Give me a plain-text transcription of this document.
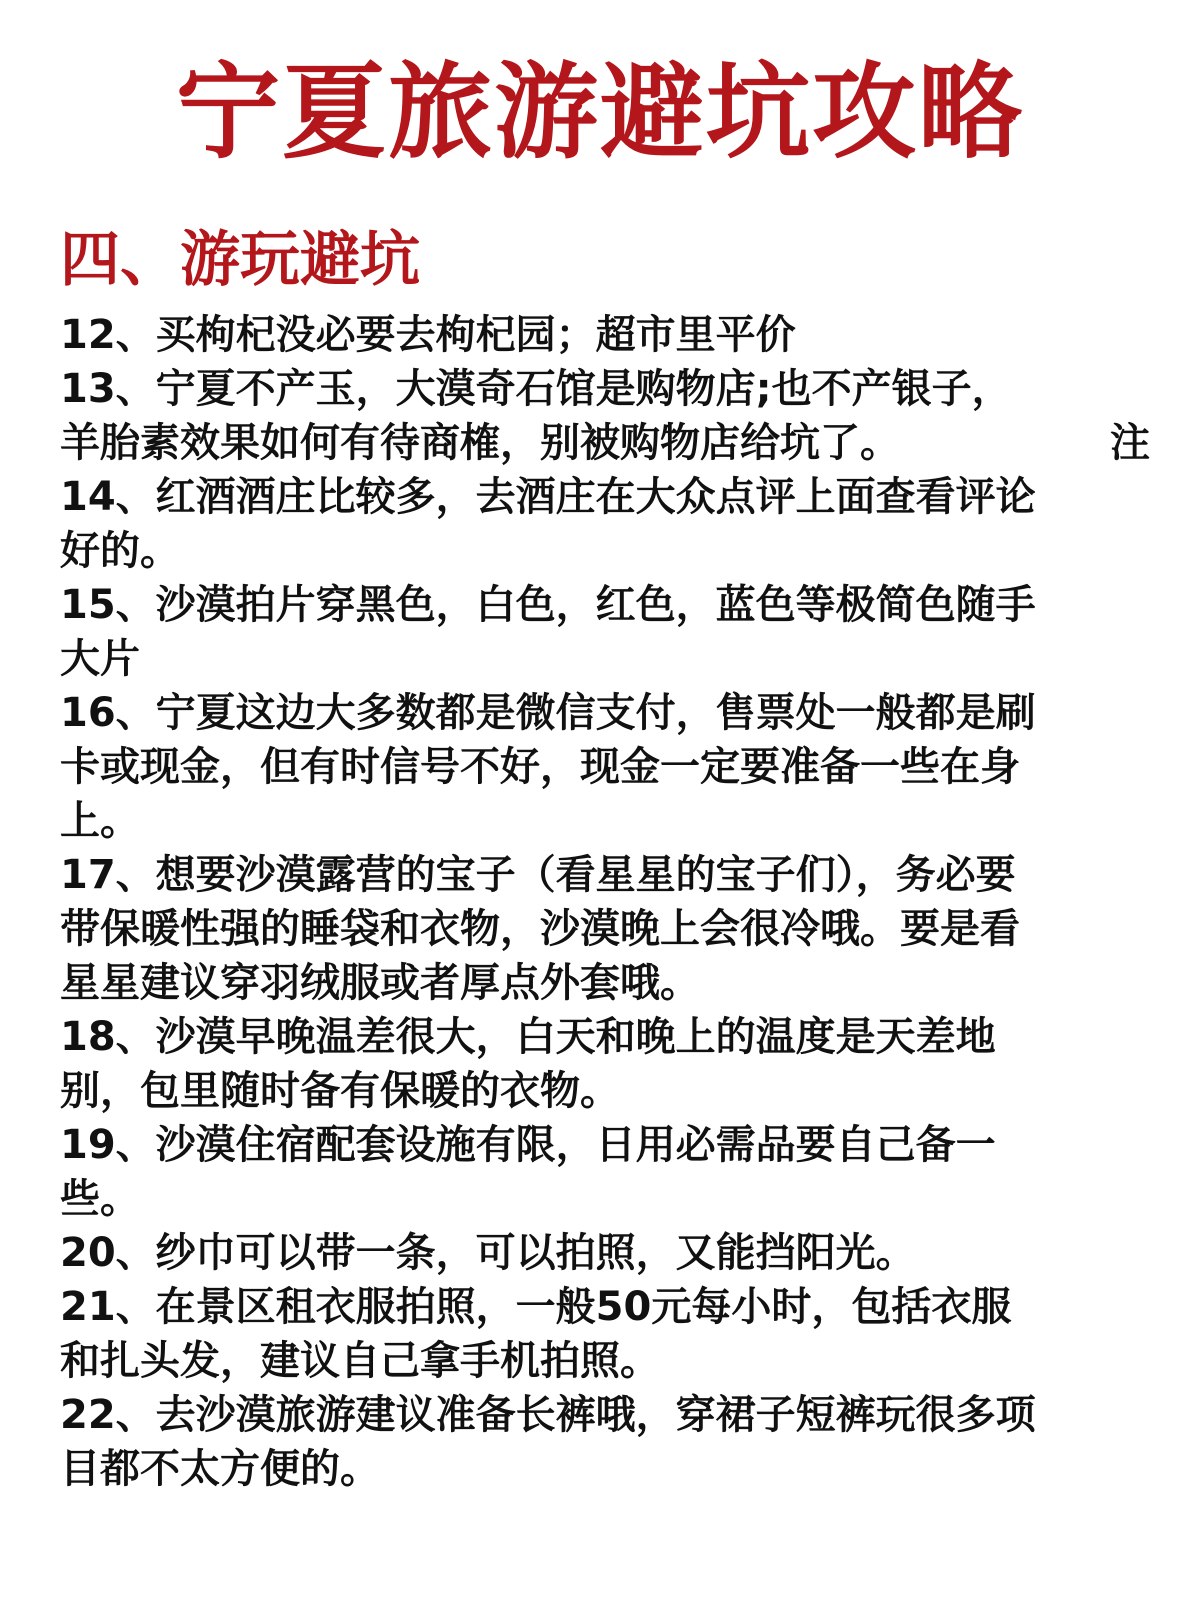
宁夏旅游避坑攻略
四、游玩避坑
12、买枸杞没必要去枸杞园；超市里平价
13、宁夏不产玉，大漠奇石馆是购物店;也不产银子，
羊胎素效果如何有待商榷，别被购物店给坑了。	注
14、红酒酒庄比较多，去酒庄在大众点评上面查看评论
好的。
15、沙漠拍片穿黑色，白色，红色，蓝色等极简色随手
大片
16、宁夏这边大多数都是微信支付，售票处一般都是刷
卡或现金，但有时信号不好，现金一定要准备一些在身
上。
17、想要沙漠露营的宝子（看星星的宝子们），务必要
带保暖性强的睡袋和衣物，沙漠晚上会很冷哦。要是看
星星建议穿羽绒服或者厚点外套哦。
18、沙漠早晚温差很大，白天和晚上的温度是天差地
别，包里随时备有保暖的衣物。
19、沙漠住宿配套设施有限，日用必需品要自己备一
些。
20、纱巾可以带一条，可以拍照，又能挡阳光。
21、在景区租衣服拍照，一般50元每小时，包括衣服
和扎头发，建议自己拿手机拍照。
22、去沙漠旅游建议准备长裤哦，穿裙子短裤玩很多项
目都不太方便的。
